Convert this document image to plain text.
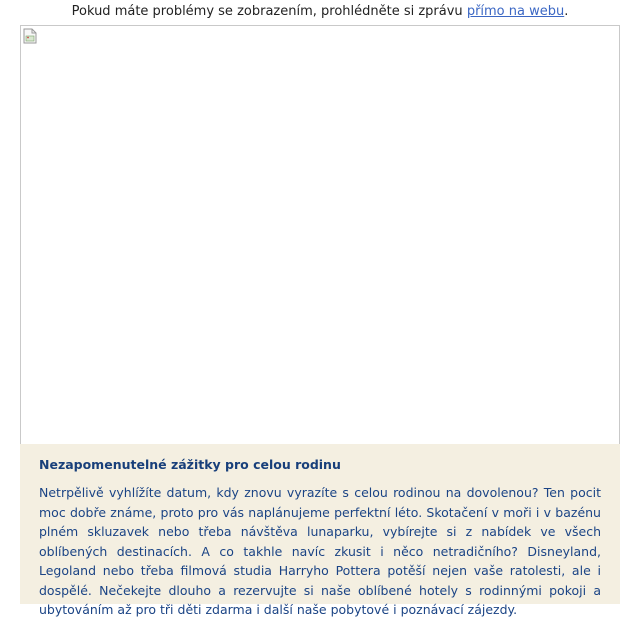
Pokud máte problémy se zobrazením, prohlédněte si zprávu přímo na webu.
Nezapomenutelné zážitky pro celou rodinu

Netrpělivě vyhlížíte datum, kdy znovu vyrazíte s celou rodinou na dovolenou? Ten pocit moc dobře známe, proto pro vás naplánujeme perfektní léto. Skotačení v moři i v bazénu plném skluzavek nebo třeba návštěva lunaparku, vybírejte si z nabídek ve všech oblíbených destinacích. A co takhle navíc zkusit i něco netradičního? Disneyland, Legoland nebo třeba filmová studia Harryho Pottera potěší nejen vaše ratolesti, ale i dospělé. Nečekejte dlouho a rezervujte si naše oblíbené hotely s rodinnými pokoji a ubytováním až pro tři děti zdarma i další naše pobytové i poznávací zájezdy.
